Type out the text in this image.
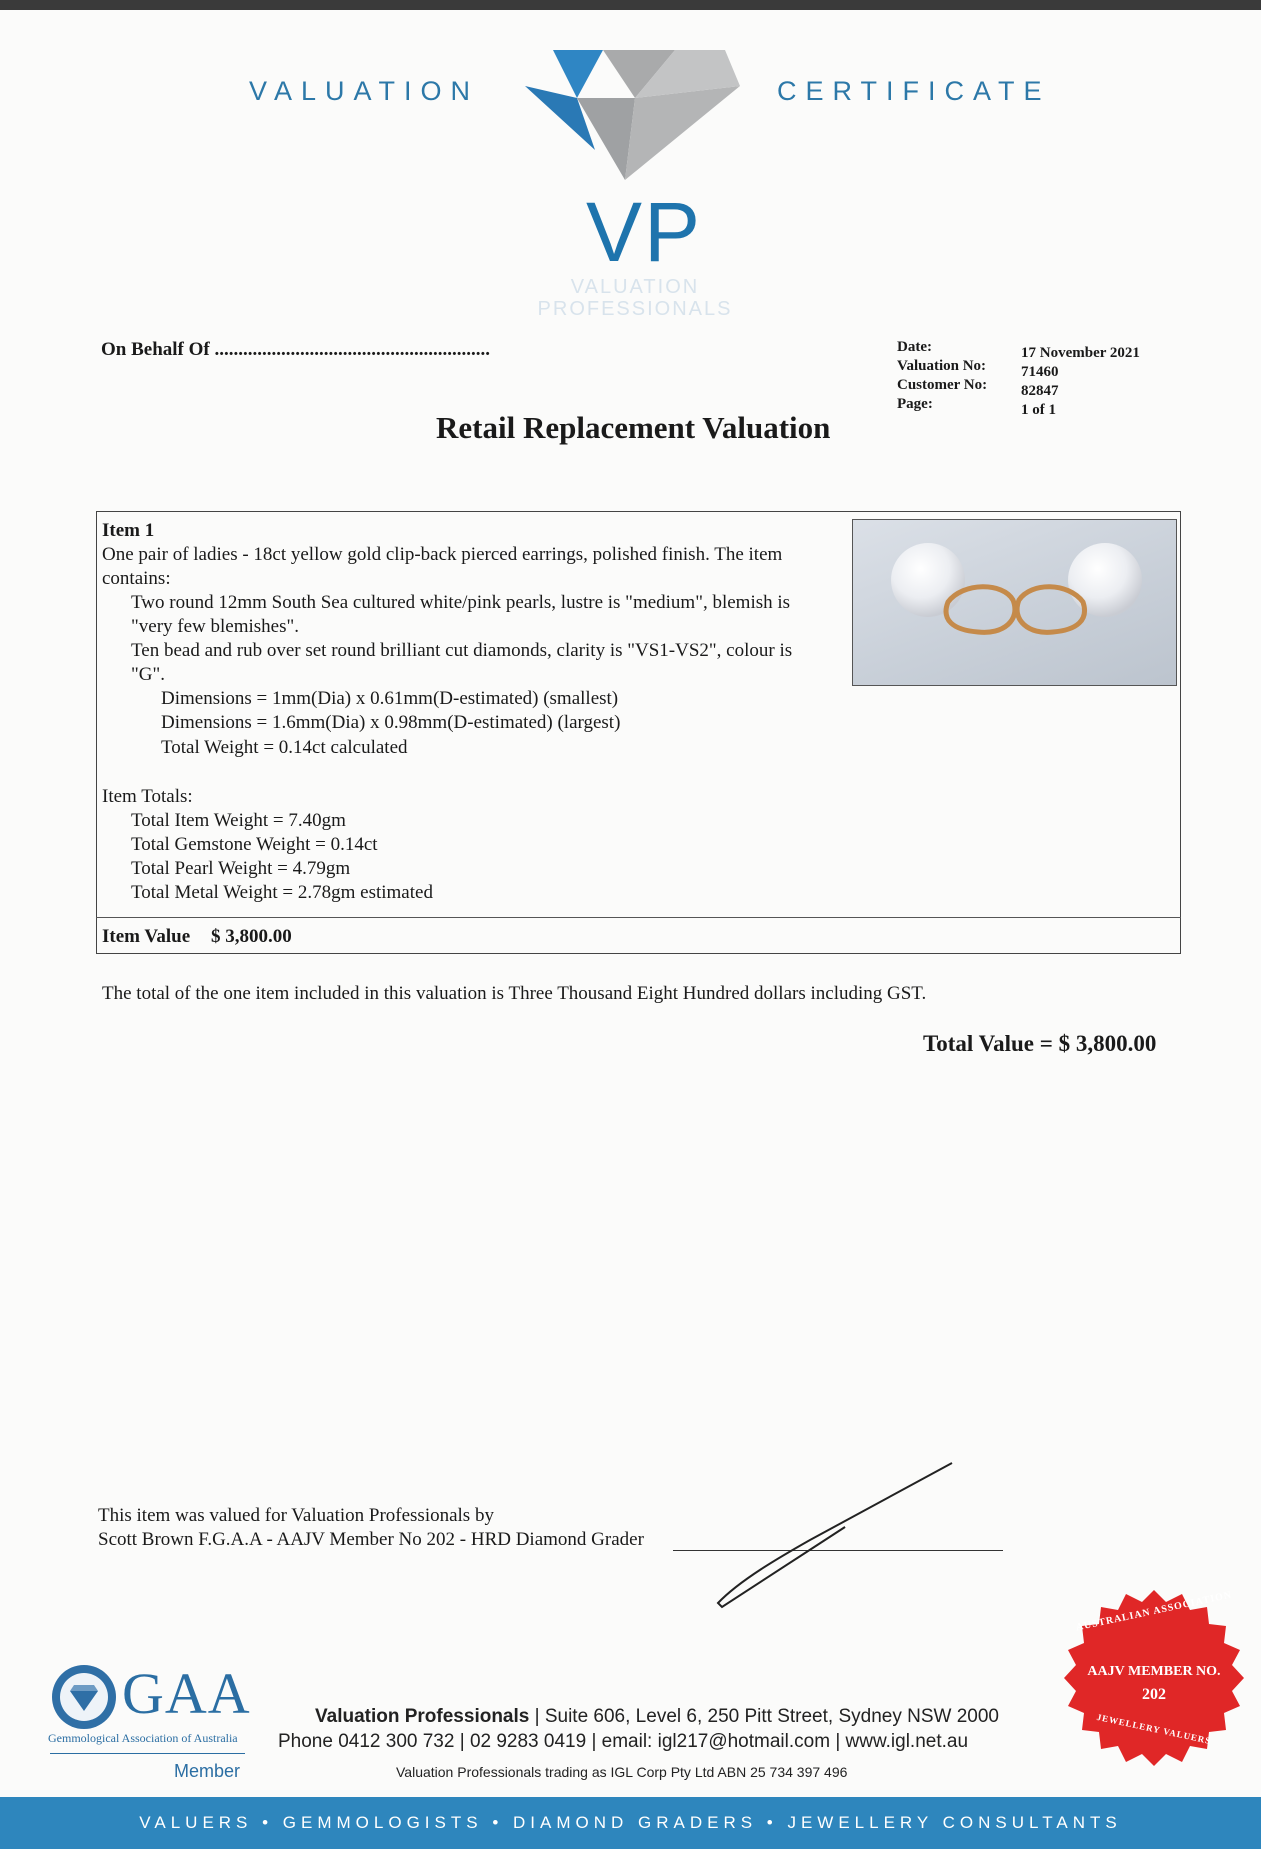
VALUATION	CERTIFICATE
VP
VALUATION
PROFESSIONALS
On Behalf Of ..........................................................	Date:
Valuation No:
Customer No:
Page:
17 November 2021
71460
82847
1 of 1
Retail Replacement Valuation
Item 1
One pair of ladies - 18ct yellow gold clip-back pierced earrings, polished finish. The item
contains:
Two round 12mm South Sea cultured white/pink pearls, lustre is "medium", blemish is
"very few blemishes".
Ten bead and rub over set round brilliant cut diamonds, clarity is "VS1-VS2", colour is
"G".
Dimensions = 1mm(Dia) x 0.61mm(D-estimated) (smallest)
Dimensions = 1.6mm(Dia) x 0.98mm(D-estimated) (largest)
Total Weight = 0.14ct calculated
Item Totals:
Total Item Weight = 7.40gm
Total Gemstone Weight = 0.14ct
Total Pearl Weight = 4.79gm
Total Metal Weight = 2.78gm estimated
Item Value $ 3,800.00
The total of the one item included in this valuation is Three Thousand Eight Hundred dollars including GST.
Total Value = $ 3,800.00
This item was valued for Valuation Professionals by
Scott Brown F.G.A.A - AAJV Member No 202 - HRD Diamond Grader
GAA
Gemmological Association of Australia
Member
Valuation Professionals | Suite 606, Level 6, 250 Pitt Street, Sydney NSW 2000
Phone 0412 300 732 | 02 9283 0419 | email: igl217@hotmail.com | www.igl.net.au
Valuation Professionals trading as IGL Corp Pty Ltd ABN 25 734 397 496
AUSTRALIAN ASSOCIATION
AAJV MEMBER NO.
202
JEWELLERY VALUERS
VALUERS • GEMMOLOGISTS • DIAMOND GRADERS • JEWELLERY CONSULTANTS
